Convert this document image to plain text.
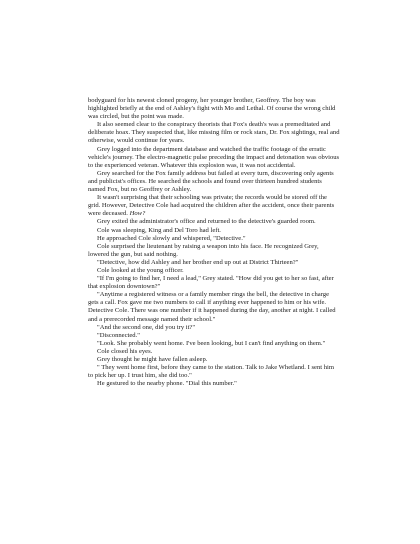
bodyguard for his newest cloned progeny, her younger brother, Geoffrey. The boy was highlighted briefly at the end of Ashley's fight with Mo and Lethal. Of course the wrong child was circled, but the point was made.

It also seemed clear to the conspiracy theorists that Fox's death's was a premeditated and deliberate hoax. They suspected that, like missing film or rock stars, Dr. Fox sightings, real and otherwise, would continue for years.

Grey logged into the department database and watched the traffic footage of the erratic vehicle's journey. The electro-magnetic pulse preceding the impact and detonation was obvious to the experienced veteran. Whatever this explosion was, it was not accidental.

Grey searched for the Fox family address but failed at every turn, discovering only agents and publicist's offices. He searched the schools and found over thirteen hundred students named Fox, but no Geoffrey or Ashley.

It wasn't surprising that their schooling was private; the records would be stored off the grid. However, Detective Cole had acquired the children after the accident, once their parents were deceased. How?

Grey exited the administrator's office and returned to the detective's guarded room.

Cole was sleeping, King and Del Toro had left.

He approached Cole slowly and whispered, "Detective."

Cole surprised the lieutenant by raising a weapon into his face. He recognized Grey, lowered the gun, but said nothing.

"Detective, how did Ashley and her brother end up out at District Thirteen?"

Cole looked at the young officer.

"If I'm going to find her, I need a lead," Grey stated. "How did you get to her so fast, after that explosion downtown?"

"Anytime a registered witness or a family member rings the bell, the detective in charge gets a call. Fox gave me two numbers to call if anything ever happened to him or his wife. Detective Cole. There was one number if it happened during the day, another at night. I called and a prerecorded message named their school."

"And the second one, did you try it?"

"Disconnected."

"Look. She probably went home. I've been looking, but I can't find anything on them."

Cole closed his eyes.

Grey thought he might have fallen asleep.

" They went home first, before they came to the station. Talk to Jake Whetland. I sent him to pick her up. I trust him, she did too."

He gestured to the nearby phone. "Dial this number."
